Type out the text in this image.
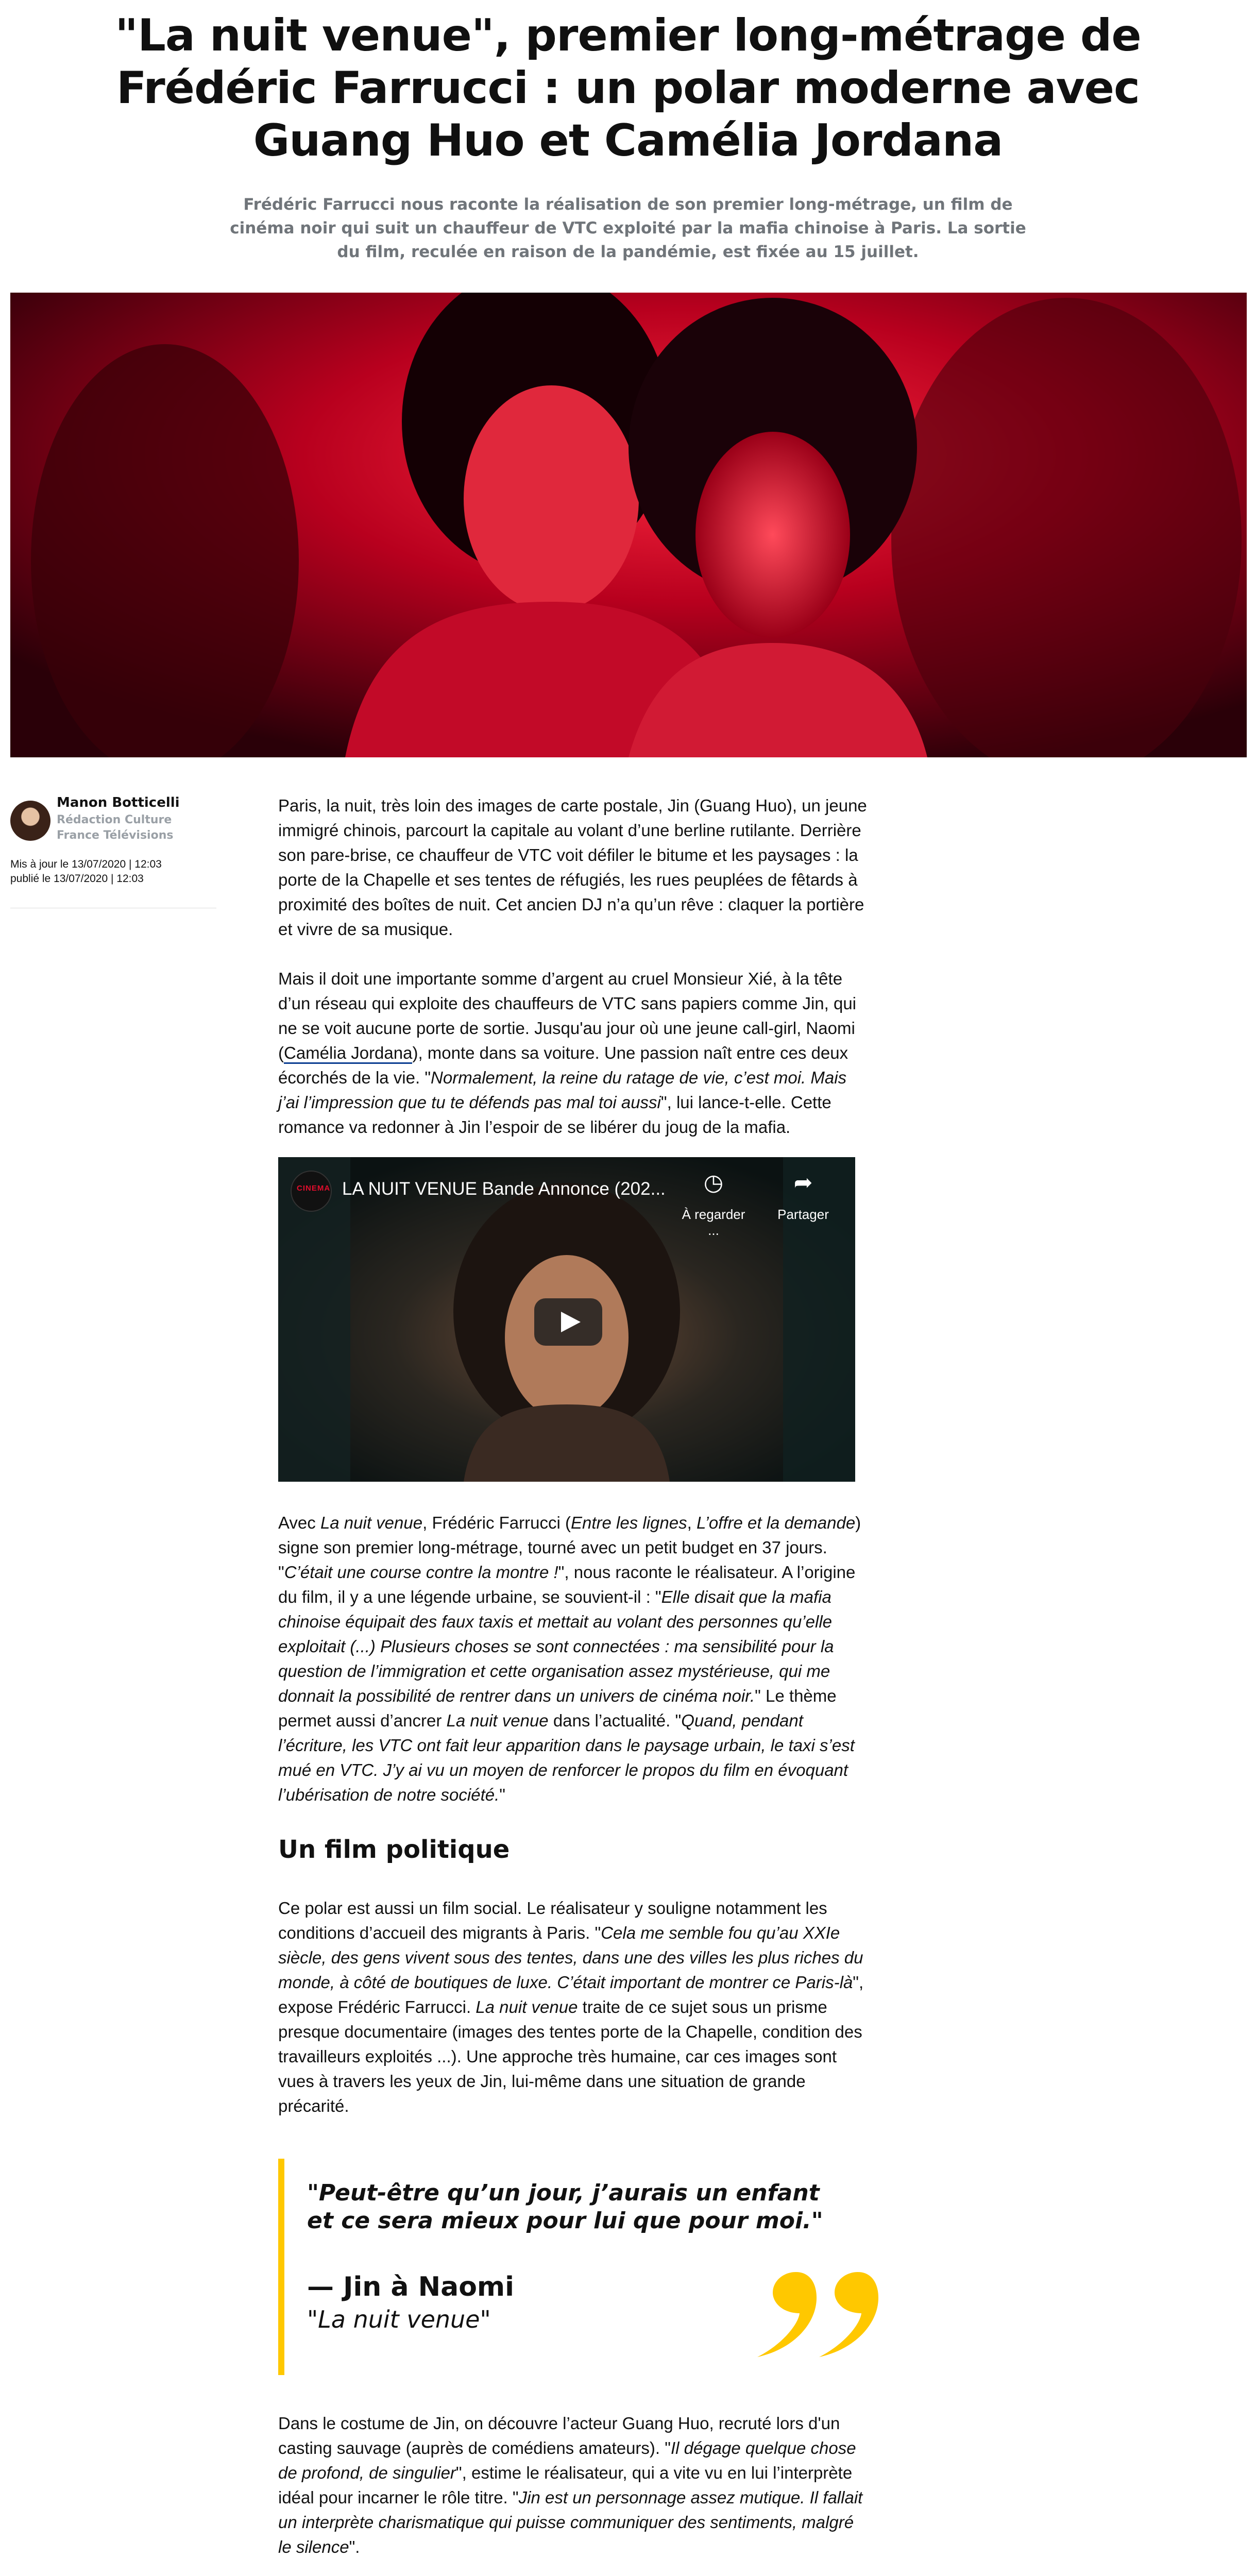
"La nuit venue", premier long-métrage de Frédéric Farrucci : un polar moderne avec Guang Huo et Camélia Jordana

Frédéric Farrucci nous raconte la réalisation de son premier long-métrage, un film de cinéma noir qui suit un chauffeur de VTC exploité par la mafia chinoise à Paris. La sortie du film, reculée en raison de la pandémie, est fixée au 15 juillet.

Manon Botticelli
Rédaction Culture
France Télévisions
Mis à jour le 13/07/2020 | 12:03
publié le 13/07/2020 | 12:03

Paris, la nuit, très loin des images de carte postale, Jin (Guang Huo), un jeune immigré chinois, parcourt la capitale au volant d’une berline rutilante. Derrière son pare-brise, ce chauffeur de VTC voit défiler le bitume et les paysages : la porte de la Chapelle et ses tentes de réfugiés, les rues peuplées de fêtards à proximité des boîtes de nuit. Cet ancien DJ n’a qu’un rêve : claquer la portière et vivre de sa musique.

Mais il doit une importante somme d’argent au cruel Monsieur Xié, à la tête d’un réseau qui exploite des chauffeurs de VTC sans papiers comme Jin, qui ne se voit aucune porte de sortie. Jusqu'au jour où une jeune call-girl, Naomi (Camélia Jordana), monte dans sa voiture. Une passion naît entre ces deux écorchés de la vie. "Normalement, la reine du ratage de vie, c’est moi. Mais j’ai l’impression que tu te défends pas mal toi aussi", lui lance-t-elle. Cette romance va redonner à Jin l’espoir de se libérer du joug de la mafia.

CINEMA LA NUIT VENUE Bande Annonce (202... ◷	➦
À regarder ...
Partager

Avec La nuit venue, Frédéric Farrucci (Entre les lignes, L’offre et la demande) signe son premier long-métrage, tourné avec un petit budget en 37 jours. "C’était une course contre la montre !", nous raconte le réalisateur. A l’origine du film, il y a une légende urbaine, se souvient-il : "Elle disait que la mafia chinoise équipait des faux taxis et mettait au volant des personnes qu’elle exploitait (...) Plusieurs choses se sont connectées : ma sensibilité pour la question de l’immigration et cette organisation assez mystérieuse, qui me donnait la possibilité de rentrer dans un univers de cinéma noir." Le thème permet aussi d’ancrer La nuit venue dans l’actualité. "Quand, pendant l’écriture, les VTC ont fait leur apparition dans le paysage urbain, le taxi s’est mué en VTC. J’y ai vu un moyen de renforcer le propos du film en évoquant l’ubérisation de notre société."

Un film politique

Ce polar est aussi un film social. Le réalisateur y souligne notamment les conditions d’accueil des migrants à Paris. "Cela me semble fou qu’au XXIe siècle, des gens vivent sous des tentes, dans une des villes les plus riches du monde, à côté de boutiques de luxe. C’était important de montrer ce Paris-là", expose Frédéric Farrucci. La nuit venue traite de ce sujet sous un prisme presque documentaire (images des tentes porte de la Chapelle, condition des travailleurs exploités ...). Une approche très humaine, car ces images sont vues à travers les yeux de Jin, lui-même dans une situation de grande précarité.

"Peut-être qu’un jour, j’aurais un enfant et ce sera mieux pour lui que pour moi."

— Jin à Naomi
"La nuit venue"

Dans le costume de Jin, on découvre l’acteur Guang Huo, recruté lors d'un casting sauvage (auprès de comédiens amateurs). "Il dégage quelque chose de profond, de singulier", estime le réalisateur, qui a vite vu en lui l’interprète idéal pour incarner le rôle titre. "Jin est un personnage assez mutique. Il fallait un interprète charismatique qui puisse communiquer des sentiments, malgré le silence".
